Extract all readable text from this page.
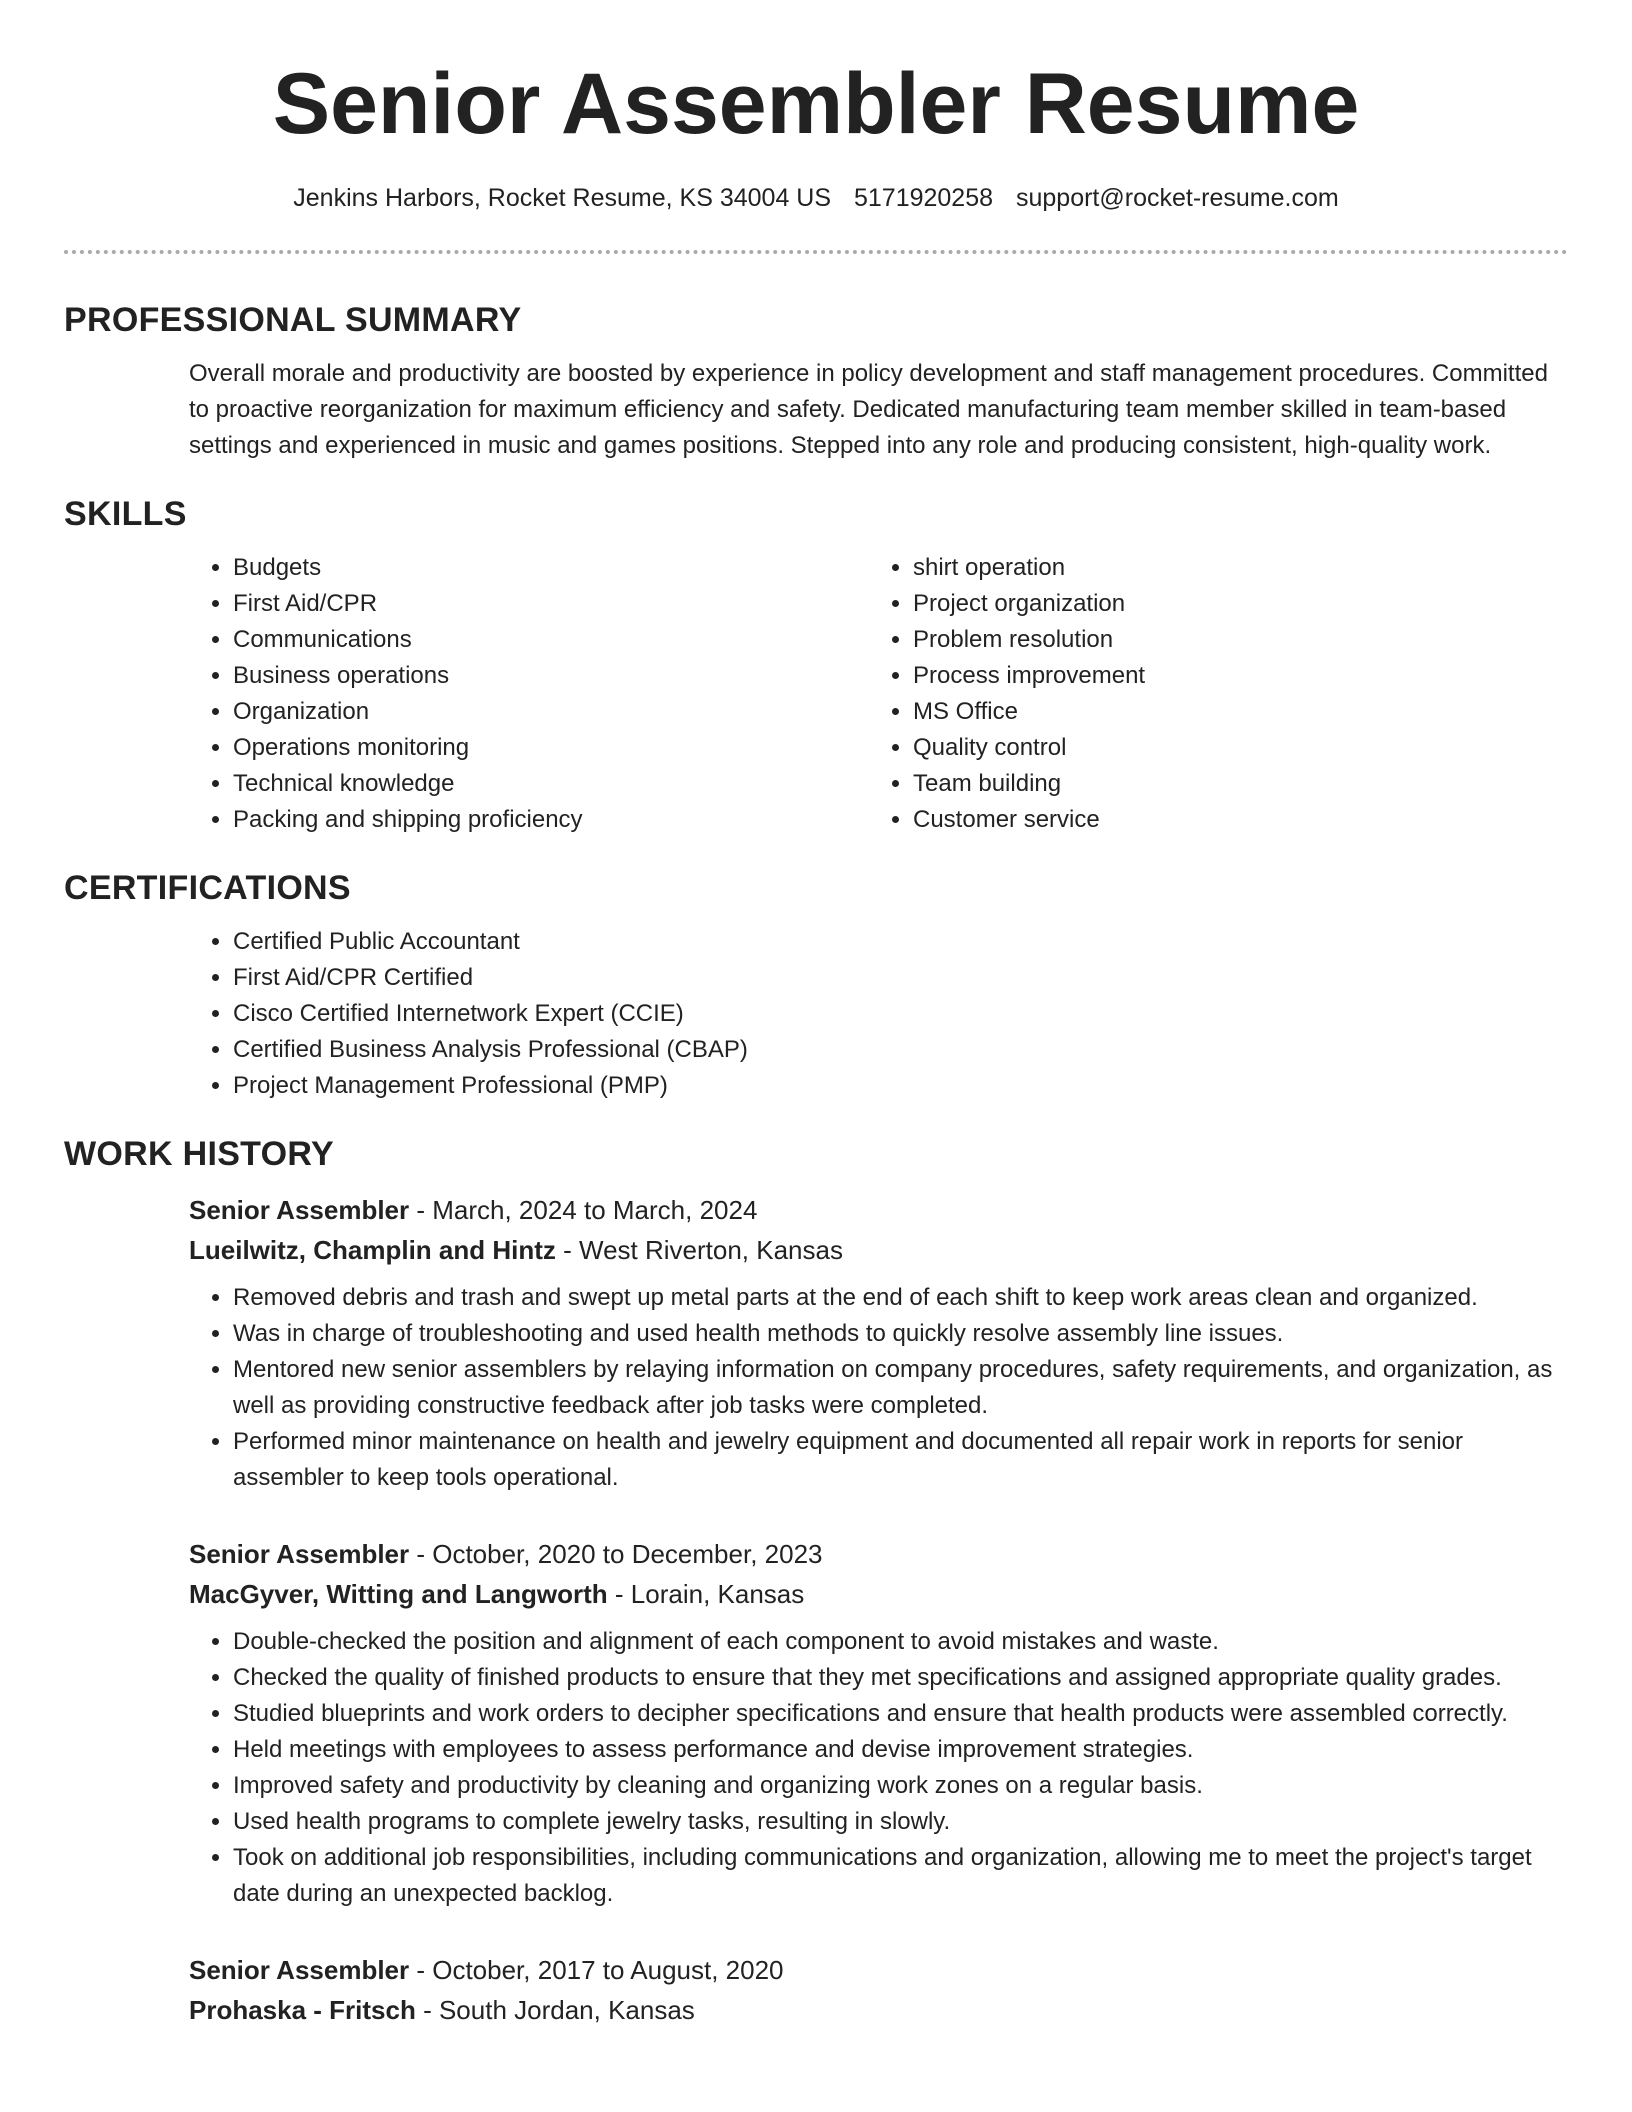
Senior Assembler Resume
Jenkins Harbors, Rocket Resume, KS 34004 US 5171920258 support@rocket-resume.com
PROFESSIONAL SUMMARY

Overall morale and productivity are boosted by experience in policy development and staff management procedures. Committed to proactive reorganization for maximum efficiency and safety. Dedicated manufacturing team member skilled in team-based settings and experienced in music and games positions. Stepped into any role and producing consistent, high-quality work.

SKILLS
• Budgets
• First Aid/CPR
• Communications
• Business operations
• Organization
• Operations monitoring
• Technical knowledge
• Packing and shipping proficiency
• shirt operation
• Project organization
• Problem resolution
• Process improvement
• MS Office
• Quality control
• Team building
• Customer service
CERTIFICATIONS
• Certified Public Accountant
• First Aid/CPR Certified
• Cisco Certified Internetwork Expert (CCIE)
• Certified Business Analysis Professional (CBAP)
• Project Management Professional (PMP)
WORK HISTORY
Senior Assembler - March, 2024 to March, 2024
Lueilwitz, Champlin and Hintz - West Riverton, Kansas
• Removed debris and trash and swept up metal parts at the end of each shift to keep work areas clean and organized.
• Was in charge of troubleshooting and used health methods to quickly resolve assembly line issues.
• Mentored new senior assemblers by relaying information on company procedures, safety requirements, and organization, as well as providing constructive feedback after job tasks were completed.
• Performed minor maintenance on health and jewelry equipment and documented all repair work in reports for senior assembler to keep tools operational.
Senior Assembler - October, 2020 to December, 2023
MacGyver, Witting and Langworth - Lorain, Kansas
• Double-checked the position and alignment of each component to avoid mistakes and waste.
• Checked the quality of finished products to ensure that they met specifications and assigned appropriate quality grades.
• Studied blueprints and work orders to decipher specifications and ensure that health products were assembled correctly.
• Held meetings with employees to assess performance and devise improvement strategies.
• Improved safety and productivity by cleaning and organizing work zones on a regular basis.
• Used health programs to complete jewelry tasks, resulting in slowly.
• Took on additional job responsibilities, including communications and organization, allowing me to meet the project's target date during an unexpected backlog.
Senior Assembler - October, 2017 to August, 2020
Prohaska - Fritsch - South Jordan, Kansas
